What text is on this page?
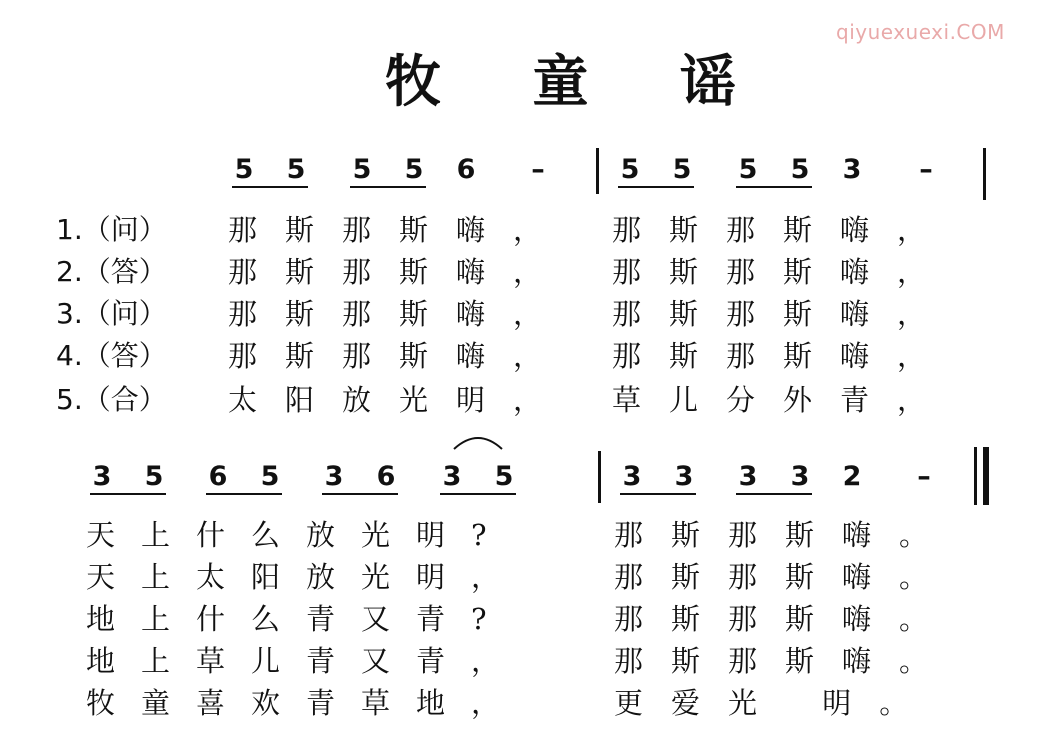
qiyuexuexi.COM
牧 童 谣
5 5 5 5 6	–	5 5 5 5 3	–
1.（问） 那斯那斯嗨， 那斯那斯嗨，
2.（答） 那斯那斯嗨， 那斯那斯嗨，
3.（问） 那斯那斯嗨， 那斯那斯嗨，
4.（答） 那斯那斯嗨， 那斯那斯嗨，
5.（合） 太阳放光明， 草儿分外青，
3 5 6 5 3 6 3 5	3 3 3 3 2	–
天上什么放光明?	那斯那斯嗨。
天上太阳放光明，	那斯那斯嗨。
地上什么青又青?	那斯那斯嗨。
地上草儿青又青，	那斯那斯嗨。
牧童喜欢青草地，	更爱光 明。
